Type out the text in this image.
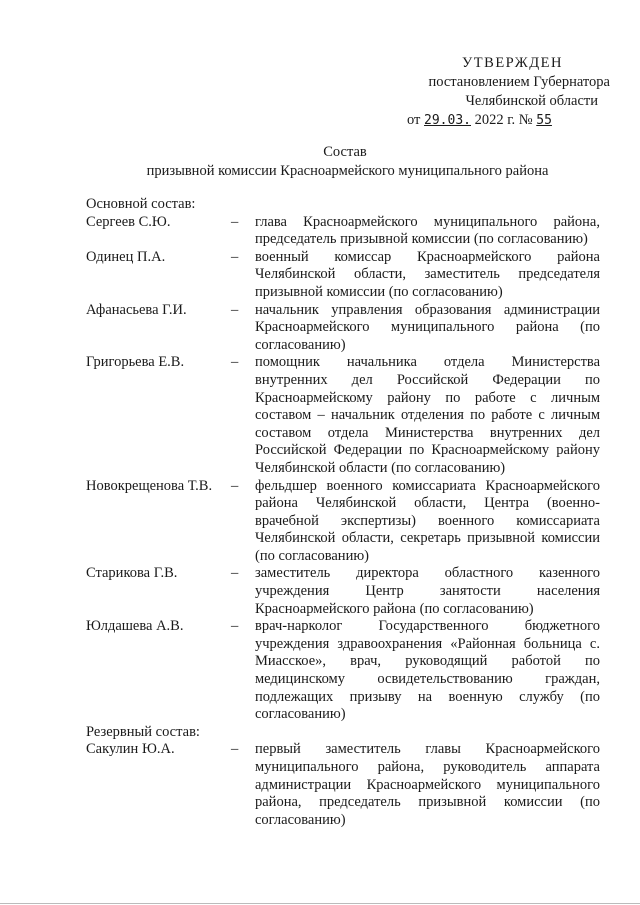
УТВЕРЖДЕН
постановлением Губернатора
Челябинской области
от 29.03. 2022 г. № 55
Состав
призывной комиссии Красноармейского муниципального района
Основной состав:
Сергеев С.Ю.	–	глава Красноармейского муниципального района, председатель призывной комиссии (по согласованию)
Одинец П.А.	–	военный комиссар Красноармейского района Челябинской области, заместитель председателя призывной комиссии (по согласованию)
Афанасьева Г.И.	–	начальник управления образования администрации Красноармейского муниципального района (по согласованию)
Григорьева Е.В.	–	помощник начальника отдела Министерства внутренних дел Российской Федерации по Красноармейскому району по работе с личным составом – начальник отделения по работе с личным составом отдела Министерства внутренних дел Российской Федерации по Красноармейскому району Челябинской области (по согласованию)
Новокрещенова Т.В.	–	фельдшер военного комиссариата Красноармейского района Челябинской области, Центра (военно-врачебной экспертизы) военного комиссариата Челябинской области, секретарь призывной комиссии (по согласованию)
Старикова Г.В.	–	заместитель директора областного казенного учреждения Центр занятости населения Красноармейского района (по согласованию)
Юлдашева А.В.	–	врач-нарколог Государственного бюджетного учреждения здравоохранения «Районная больница с. Миасское», врач, руководящий работой по медицинскому освидетельствованию граждан, подлежащих призыву на военную службу (по согласованию)
Резервный состав:
Сакулин Ю.А.	–	первый заместитель главы Красноармейского муниципального района, руководитель аппарата администрации Красноармейского муниципального района, председатель призывной комиссии (по согласованию)
